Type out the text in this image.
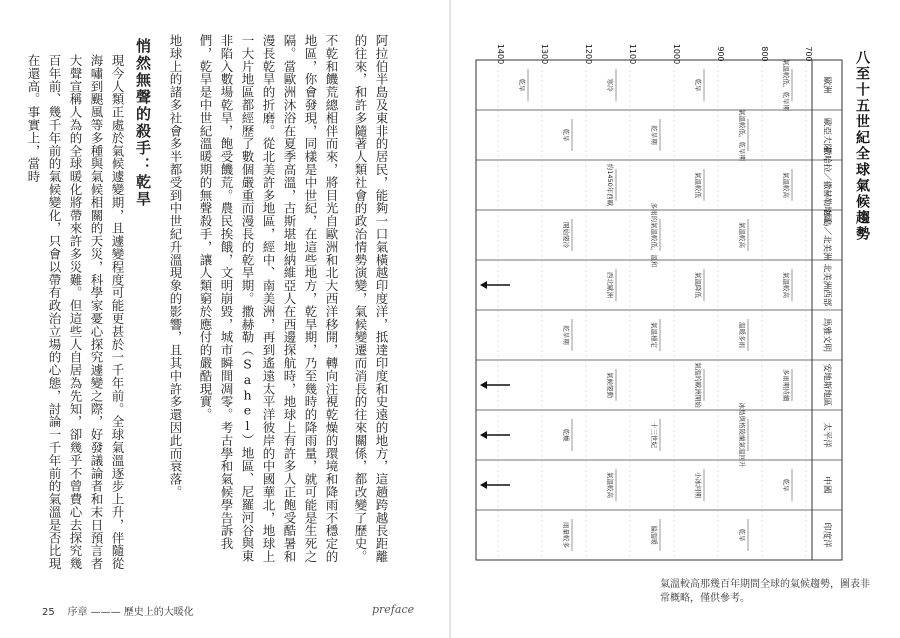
阿拉伯半島及東非的居民，能夠一口氣橫越印度洋，抵達印度和史遠的地方，這趟跨越長距離的往來，和許多隨著人類社會的政治情勢演變，氣候變遷而消長的往來關係，都改變了歷史。
不乾和饑荒總相伴而來，將目光自歐洲和北大西洋移開，轉向注視乾燥的環境和降雨不穩定的地區，你會發現，同樣是中世紀，在這些地方，乾旱期，乃至幾時的降雨量，就可能是生死之隔。當歐洲沐浴在夏季高溫，古斯堪地納維亞人在西邊探航時，地球上有許多人正飽受酷暑和漫長乾旱的折磨。從北美許多地區，經中、南美洲，再到遙遠太平洋彼岸的中國華北，地球上一大片地區都經歷了數個嚴重而漫長的乾旱期。撒赫勒（Sahel）地區、尼羅河谷與東非陷入數場乾旱，飽受饑荒。農民挨餓，文明崩毀，城市瞬間凋零。考古學和氣候學告訴我們，乾旱是中世紀溫暖期的無聲殺手，讓人類窮於應付的嚴酷現實。
地球上的諸多社會多半都受到中世紀升溫現象的影響，且其中許多還因此而衰落。
悄然無聲的殺手：乾旱
現今人類正處於氣候遽變期，且遽變程度可能更甚於一千年前。全球氣溫逐步上升，伴隨從海嘯到颶風等多種與氣候相關的天災，科學家憂心探究遽變之際，好發議論者和末日預言者大聲宣稱人為的全球暖化將帶來許多災難。但這些人自居為先知，卻幾乎不曾費心去探究幾百年前、幾千年前的氣候變化，只會以帶有政治立場的心態，討論一千年前的氣溫是否比現在還高。事實上，當時
25 序章 ——— 歷史上的大暖化	preface
歐洲
歐亞大陸
撒哈拉／撒赫勒地區
冰島／北美洲
北美洲西部
馬雅文明
安地斯地區
太平洋
中國
印度洋
700
800
900
1000
1100
1200
1300
1400
氣溫較低，乾旱期
氣溫較低，乾旱期
氣溫較高
氣溫較高
氣溫較高
溫暖多雨
多雨期持續
冰島與格陵蘭氣溫回升
乾旱
乾旱
乾旱
乾旱期
氣溫較低
多雨的氣溫較低，溫和
氣溫降低
氣溫穩定
氣溫的歐洲開始
十三世紀
小冰河期
偏溫暖
寒冷
乾旱
約1450年西歐
開始變冷
西北歐洲
乾旱期
氣候變動
乾燥
氣溫較高
雨量較多
乾旱	八至十五世紀全球氣候趨勢
氣溫較高那幾百年期間全球的氣候趨勢，圖表非常概略，僅供參考。
